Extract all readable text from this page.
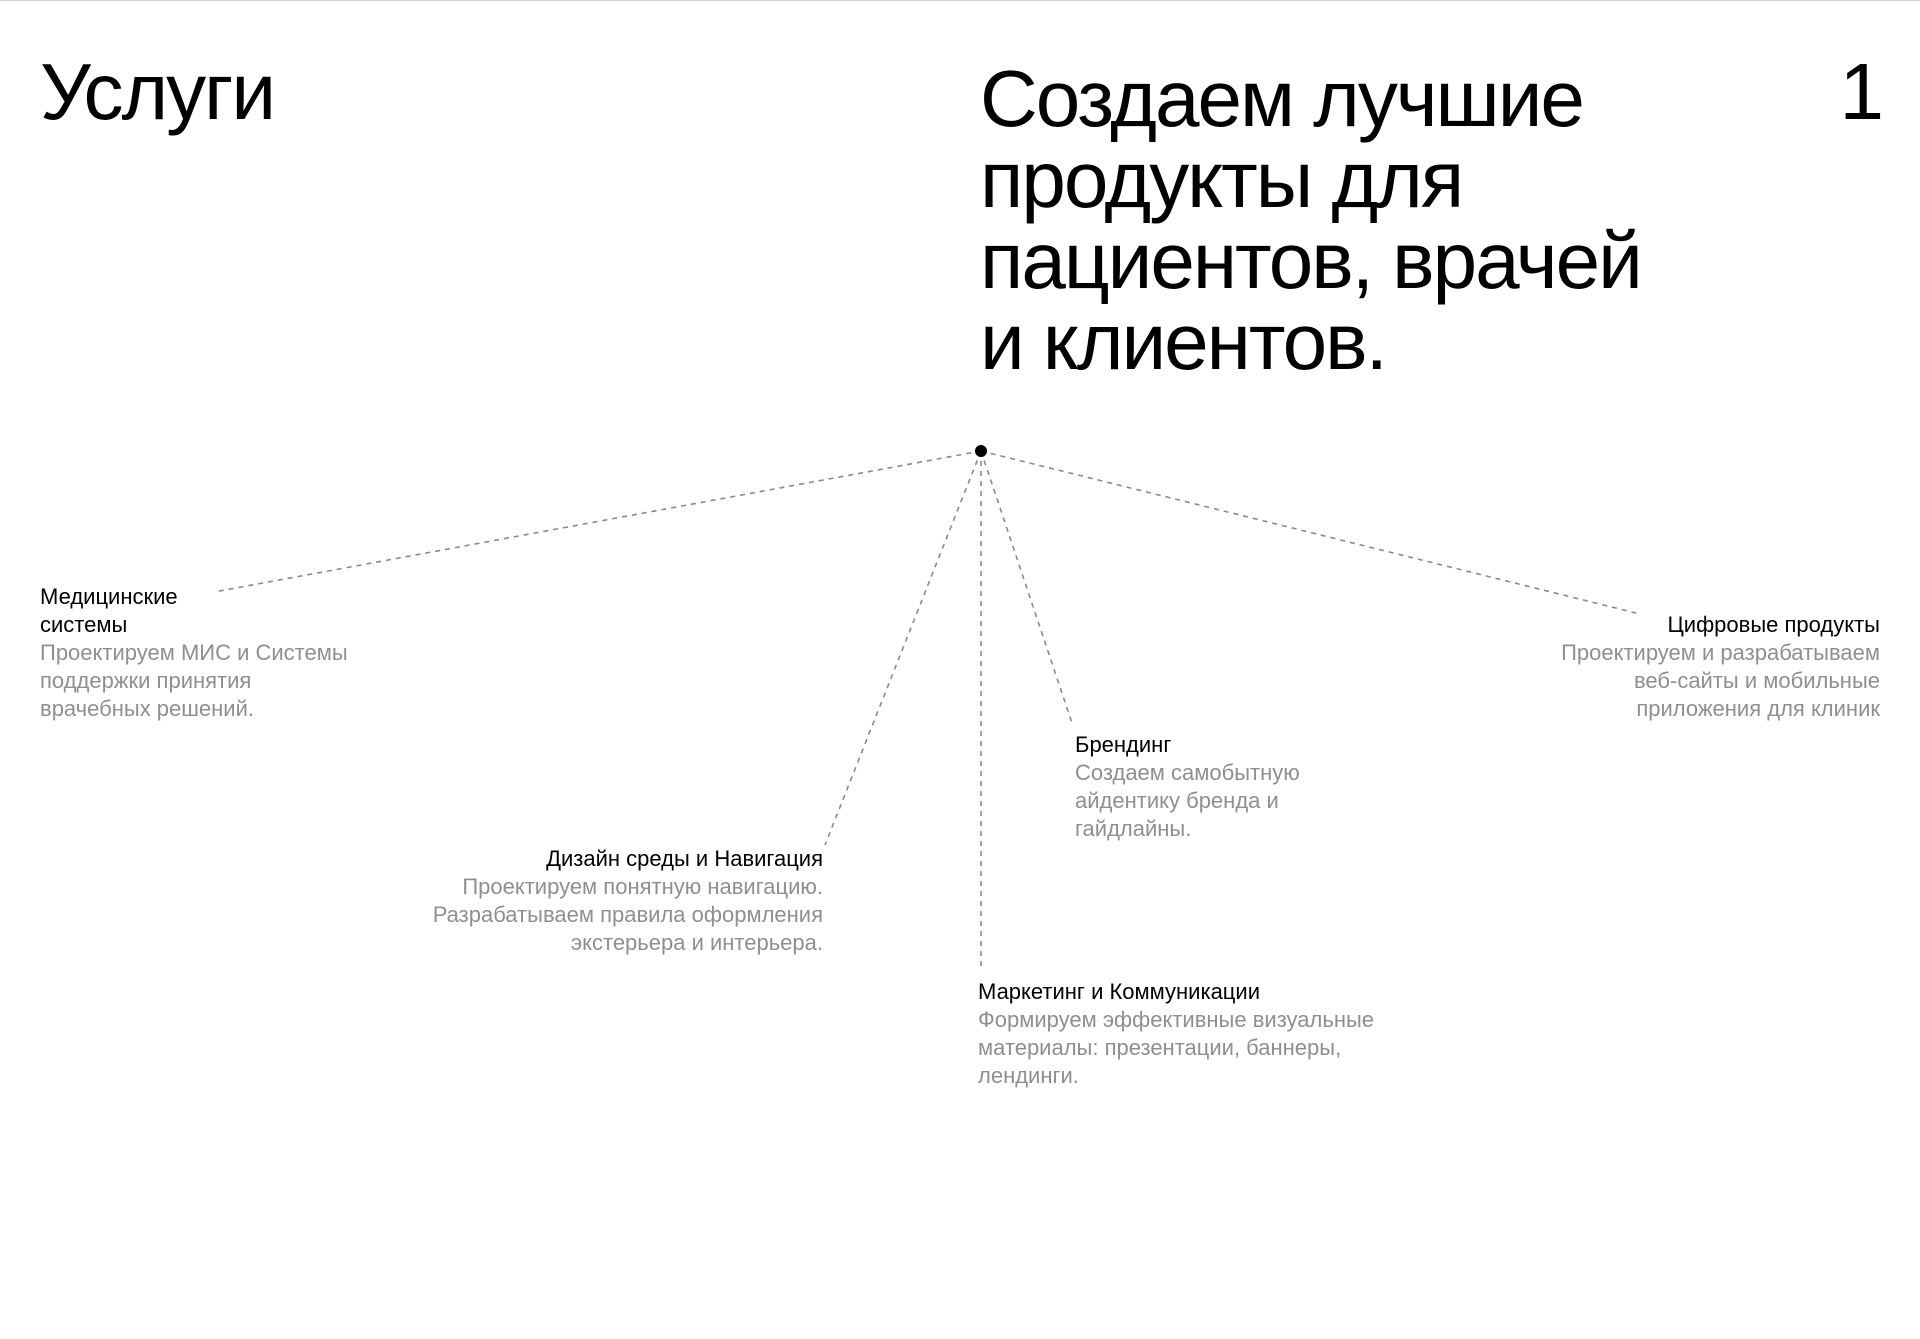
Услуги	Создаем лучшие
продукты для
пациентов, врачей
и клиентов.
1

Медицинские
системы

Проектируем МИС и Системы
поддержки принятия
врачебных решений.

Дизайн среды и Навигация

Проектируем понятную навигацию.
Разрабатываем правила оформления
экстерьера и интерьера.

Маркетинг и Коммуникации

Формируем эффективные визуальные
материалы: презентации, баннеры,
лендинги.

Брендинг

Создаем самобытную
айдентику бренда и
гайдлайны.

Цифровые продукты

Проектируем и разрабатываем
веб-сайты и мобильные
приложения для клиник
